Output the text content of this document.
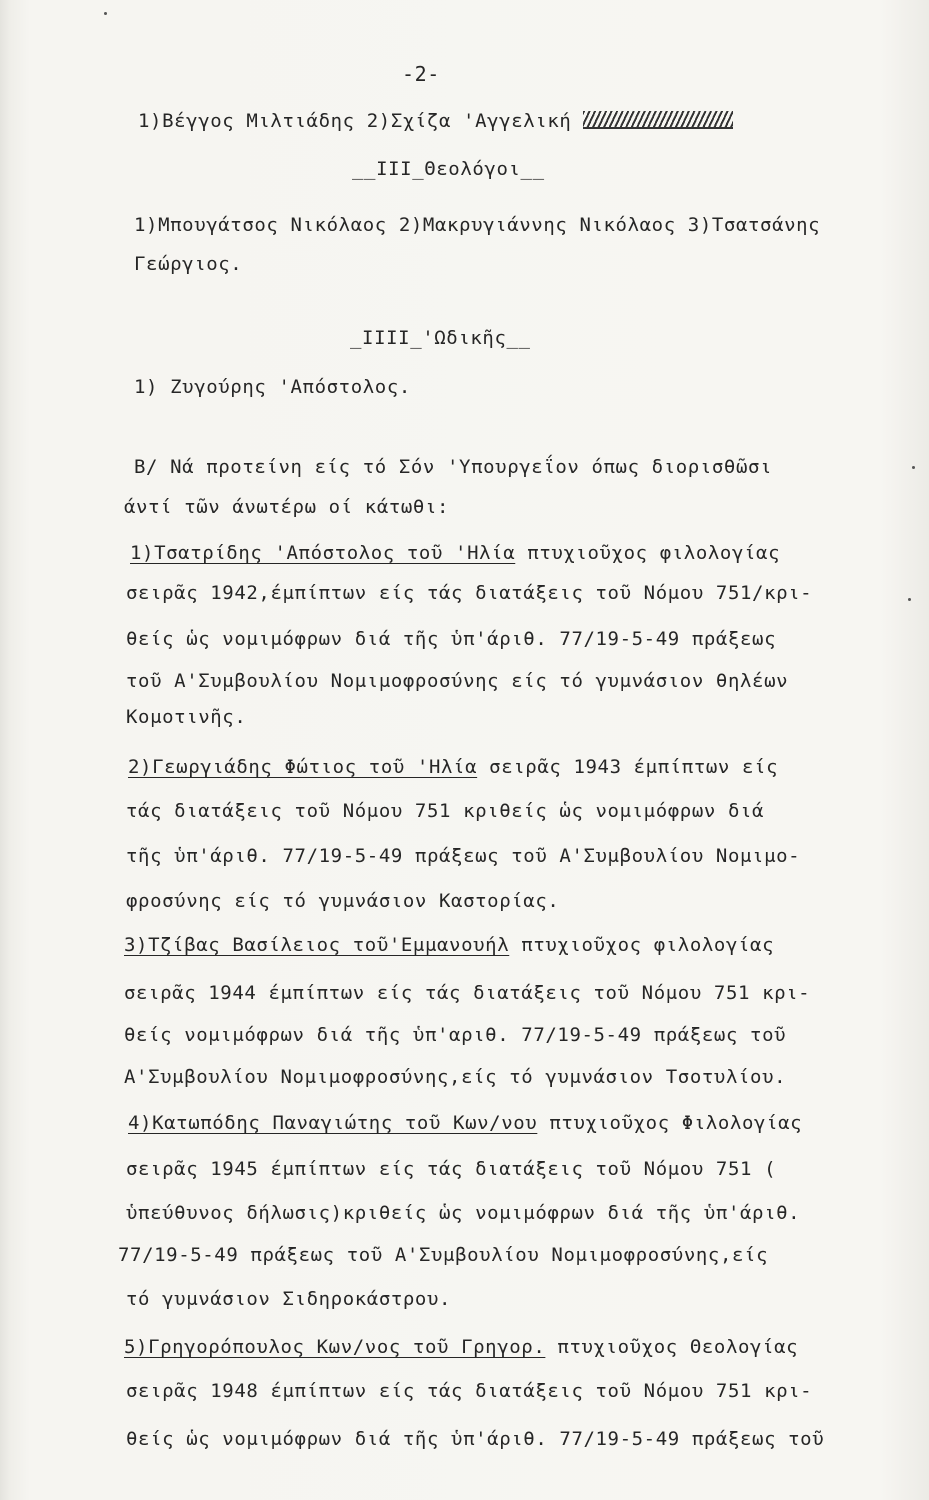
-2-
1)Βέγγος Μιλτιάδης 2)Σχίζα 'Αγγελική
__ΙΙΙ_Θεολόγοι__
1)Μπουγάτσος Νικόλαος 2)Μακρυγιάννης Νικόλαος 3)Τσατσάνης
Γεώργιος.
_ΙΙΙΙ_'Ωδικῆς__
1) Ζυγούρης 'Απόστολος.
Β/ Νά προτείνη είς τό Σόν 'Υπουργεΐον όπως διορισθῶσι
άντί τῶν άνωτέρω οί κάτωθι:
1)Τσατρίδης 'Απόστολος τοῦ 'Ηλία πτυχιοῦχος φιλολογίας
σειρᾶς 1942,έμπίπτων είς τάς διατάξεις τοῦ Νόμου 751/κρι-
θείς ὡς νομιμόφρων διά τῆς ὑπ'άριθ. 77/19-5-49 πράξεως
τοῦ Α'Συμβουλίου Νομιμοφροσύνης είς τό γυμνάσιον θηλέων
Κομοτινῆς.
2)Γεωργιάδης Φώτιος τοῦ 'Ηλία σειρᾶς 1943 έμπίπτων είς
τάς διατάξεις τοῦ Νόμου 751 κριθείς ὡς νομιμόφρων διά
τῆς ὑπ'άριθ. 77/19-5-49 πράξεως τοῦ Α'Συμβουλίου Νομιμο-
φροσύνης είς τό γυμνάσιον Καστορίας.
3)Τζίβας Βασίλειος τοῦ'Εμμανουήλ πτυχιοῦχος φιλολογίας
σειρᾶς 1944 έμπίπτων είς τάς διατάξεις τοῦ Νόμου 751 κρι-
θείς νομιμόφρων διά τῆς ὑπ'αριθ. 77/19-5-49 πράξεως τοῦ
Α'Συμβουλίου Νομιμοφροσύνης,είς τό γυμνάσιον Τσοτυλίου.
4)Κατωπόδης Παναγιώτης τοῦ Κων/νου πτυχιοῦχος Φιλολογίας
σειρᾶς 1945 έμπίπτων είς τάς διατάξεις τοῦ Νόμου 751 (
ὑπεύθυνος δήλωσις)κριθείς ὡς νομιμόφρων διά τῆς ὑπ'άριθ.
77/19-5-49 πράξεως τοῦ Α'Συμβουλίου Νομιμοφροσύνης,είς
τό γυμνάσιον Σιδηροκάστρου.
5)Γρηγορόπουλος Κων/νος τοῦ Γρηγορ. πτυχιοῦχος Θεολογίας
σειρᾶς 1948 έμπίπτων είς τάς διατάξεις τοῦ Νόμου 751 κρι-
θείς ὡς νομιμόφρων διά τῆς ὑπ'άριθ. 77/19-5-49 πράξεως τοῦ
